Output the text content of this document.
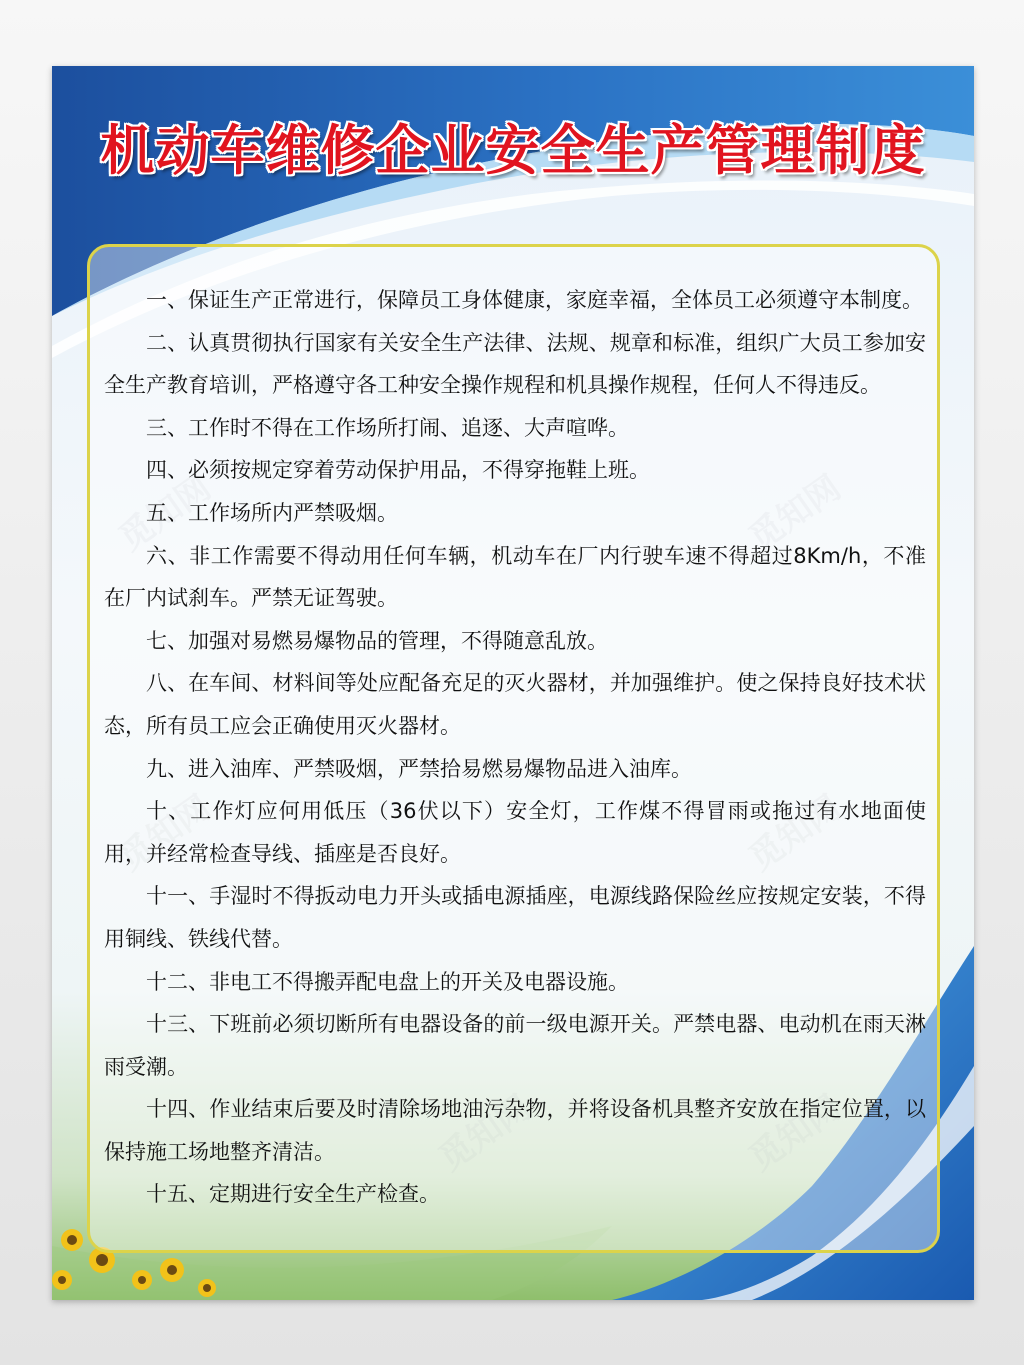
觅知网	觅知网
觅知网	觅知网
觅知网	觅知网
机动车维修企业安全生产管理制度
一、保证生产正常进行，保障员工身体健康，家庭幸福，全体员工必须遵守本制度。
二、认真贯彻执行国家有关安全生产法律、法规、规章和标准，组织广大员工参加安全生产教育培训，严格遵守各工种安全操作规程和机具操作规程，任何人不得违反。
三、工作时不得在工作场所打闹、追逐、大声喧哗。
四、必须按规定穿着劳动保护用品，不得穿拖鞋上班。
五、工作场所内严禁吸烟。
六、非工作需要不得动用任何车辆，机动车在厂内行驶车速不得超过8Km/h，不准在厂内试刹车。严禁无证驾驶。
七、加强对易燃易爆物品的管理，不得随意乱放。
八、在车间、材料间等处应配备充足的灭火器材，并加强维护。使之保持良好技术状态，所有员工应会正确使用灭火器材。
九、进入油库、严禁吸烟，严禁拾易燃易爆物品进入油库。
十、工作灯应何用低压（36伏以下）安全灯，工作煤不得冒雨或拖过有水地面使用，并经常检查导线、插座是否良好。
十一、手湿时不得扳动电力开头或插电源插座，电源线路保险丝应按规定安装，不得用铜线、铁线代替。
十二、非电工不得搬弄配电盘上的开关及电器设施。
十三、下班前必须切断所有电器设备的前一级电源开关。严禁电器、电动机在雨天淋雨受潮。
十四、作业结束后要及时清除场地油污杂物，并将设备机具整齐安放在指定位置，以保持施工场地整齐清洁。
十五、定期进行安全生产检查。
